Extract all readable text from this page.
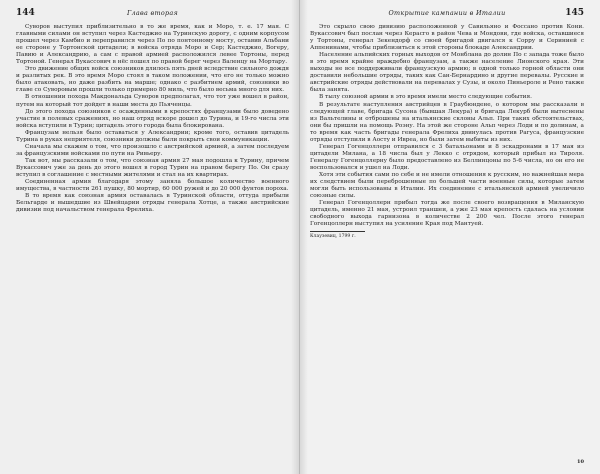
144	Глава вторая

Суворов выступил приблизительно в то же время, как и Моро, т. е. 17 мая. С главными силами он вступил через Кастеджио на Туринскую дорогу, с одним корпусом прошел через Камбио и переправился через По по понтонному мосту, оставив Альбани ее стороне у Тортонской цитадели; в войска отряда Моро и Сер; Кастеджио, Вогеру, Павию и Александрию, а сам с правой армией расположился левее Тортоны, перед Тортоной. Генерал Вукассович в нёс пошел по правой берег через Валенцу на Мортару.

Это движение общих войск союзников длилось пять дней вследствие сильного дождя и разлитых рек. В это время Моро стоял в таком положении, что его не только можно было атаковать, но даже разбить на марше; однако с разбитием армий, союзники во главе со Суворовым прошли только примерно 80 миль, что было весьма много для них.

В отношении похода Макдональда Суворов предполагал, что тот уже вошел в район, путем на который тот дойдет в наши места до Пьяченцы.

До этого похода союзников с осажденными в крепостях французами было доведено участие в полевых сражениях, но наш отряд вскоре дошел до Турина, и 19-го числа эти войска вступили в Турин; цитадель этого города была блокирована.

Французам нельзя было оставаться у Александрии; кроме того, оставив цитадель Турина в руках неприятеля, союзники должны были покрыть свои коммуникации.

Сначала мы скажем о том, что произошло с австрийской армией, а затем последуем за французскими войсками по пути на Ривьеру.

Так вот, мы рассказали о том, что союзная армия 27 мая подошла к Турину, причем Вукассович уже за день до этого вошел в город Турин на правом берегу По. Он сразу вступил в соглашение с местными жителями и стал на их квартирах.

Соединенная армия благодаря этому заняла большое количество военного имущества, в частности 261 пушку, 80 мортир, 60 000 ружей и до 20 000 фунтов пороха.

В то время как союзная армия оставалась в Туринской области, оттуда прибыли Бельгарде и вышедшие из Швейцарии отряды генерала Хотце, а также австрийские дивизии под начальством генерала Фрелиха.

Открытие кампании в Италии	145

Это скрыло свою дивизию расположенной у Савильяно и Фоссано против Кони. Вукассович был послан через Керасго в район Чева и Мондови, где войска, оставшиеся у Тортоны, генерал Зекендорф со своей бригадой двигался к Сорру и Серинией с Аппенинами, чтобы приблизиться к этой стороны блокаде Александрии.

Население альпийских горных выходов от Монблана до долин По с запада тоже было в это время крайне враждебно французам, а также население Лионского края. Эти выходы не все поддерживали французскую армию; в одной только горной области они доставили небольшие отряды, таких как Сан-Бернардино и другие перевалы. Русские и австрийские отряды действовали на перевалах у Сузы, и около Пиньероле и Рено также была занята.

В тылу союзной армии в это время имели место следующие события.

В результате наступления австрийцев в Граубюндене, о котором мы рассказали в следующей главе, бригада Сусона (бывшая Лекура) и бригада Лекурб были вытеснены из Вальтелины и отброшены на итальянские склоны Альп. При таких обстоятельствах, они бы пришли на помощь Роэну. На этой же стороне Альп через Лоди и по долинам, а то время как часть бригады генерала Фрелиха двинулась против Рагуса, французские отряды отступили в Аосту и Ивреа, но были затем выбиты из них.

Генерал Гогенцоллерн отправился с 3 батальонами и 8 эскадронами в 17 мая из цитадели Милана, а 18 числа был у Лекко с отрядом, который прибыл из Тироля. Генералу Гогенцоллерну было предоставлено из Беллинцоны по 5-6 числа, но он его не воспользовался и ушел на Лоди.

Хотя эти события сами по себе и не имели отношения к русским, но важнейшая мера их следствием были переброшенные по большей части военные силы, которые затем могли быть использованы в Италии. Их соединение с итальянской армией увеличило союзные силы.

Генерал Гогенцоллерн прибыл тогда же после своего возвращения в Миланскую цитадель, именно 21 мая, устроил траншеи, а уже 23 мая крепость сдалась на условии свободного выхода гарнизона в количестве 2 200 чел. После этого генерал Гогенцоллерн выступил на усиление Края под Мантуей.

Клаузевиц, 1799 г.
10
